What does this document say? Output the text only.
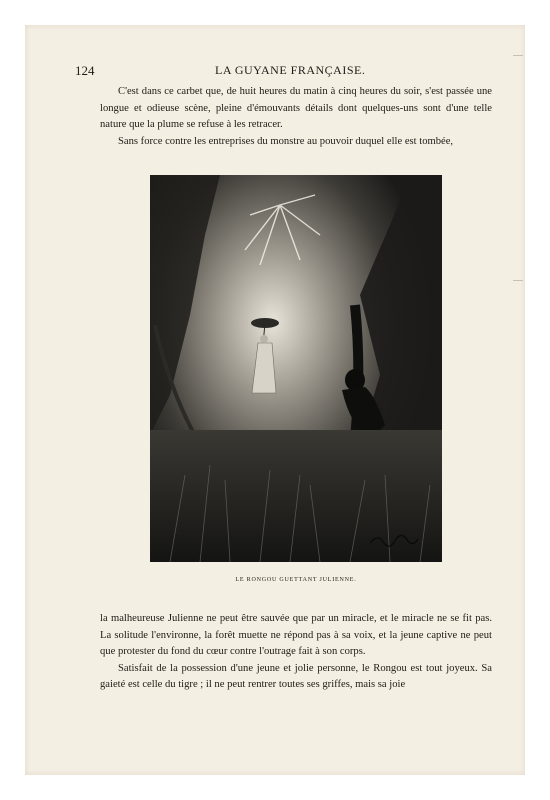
124	LA GUYANE FRANÇAISE.

C'est dans ce carbet que, de huit heures du matin à cinq heures du soir, s'est passée une longue et odieuse scène, pleine d'émouvants détails dont quelques-uns sont d'une telle nature que la plume se refuse à les retracer.

Sans force contre les entreprises du monstre au pouvoir duquel elle est tombée,

LE RONGOU GUETTANT JULIENNE.

la malheureuse Julienne ne peut être sauvée que par un miracle, et le miracle ne se fit pas. La solitude l'environne, la forêt muette ne répond pas à sa voix, et la jeune captive ne peut que protester du fond du cœur contre l'outrage fait à son corps.

Satisfait de la possession d'une jeune et jolie personne, le Rongou est tout joyeux. Sa gaieté est celle du tigre ; il ne peut rentrer toutes ses griffes, mais sa joie
